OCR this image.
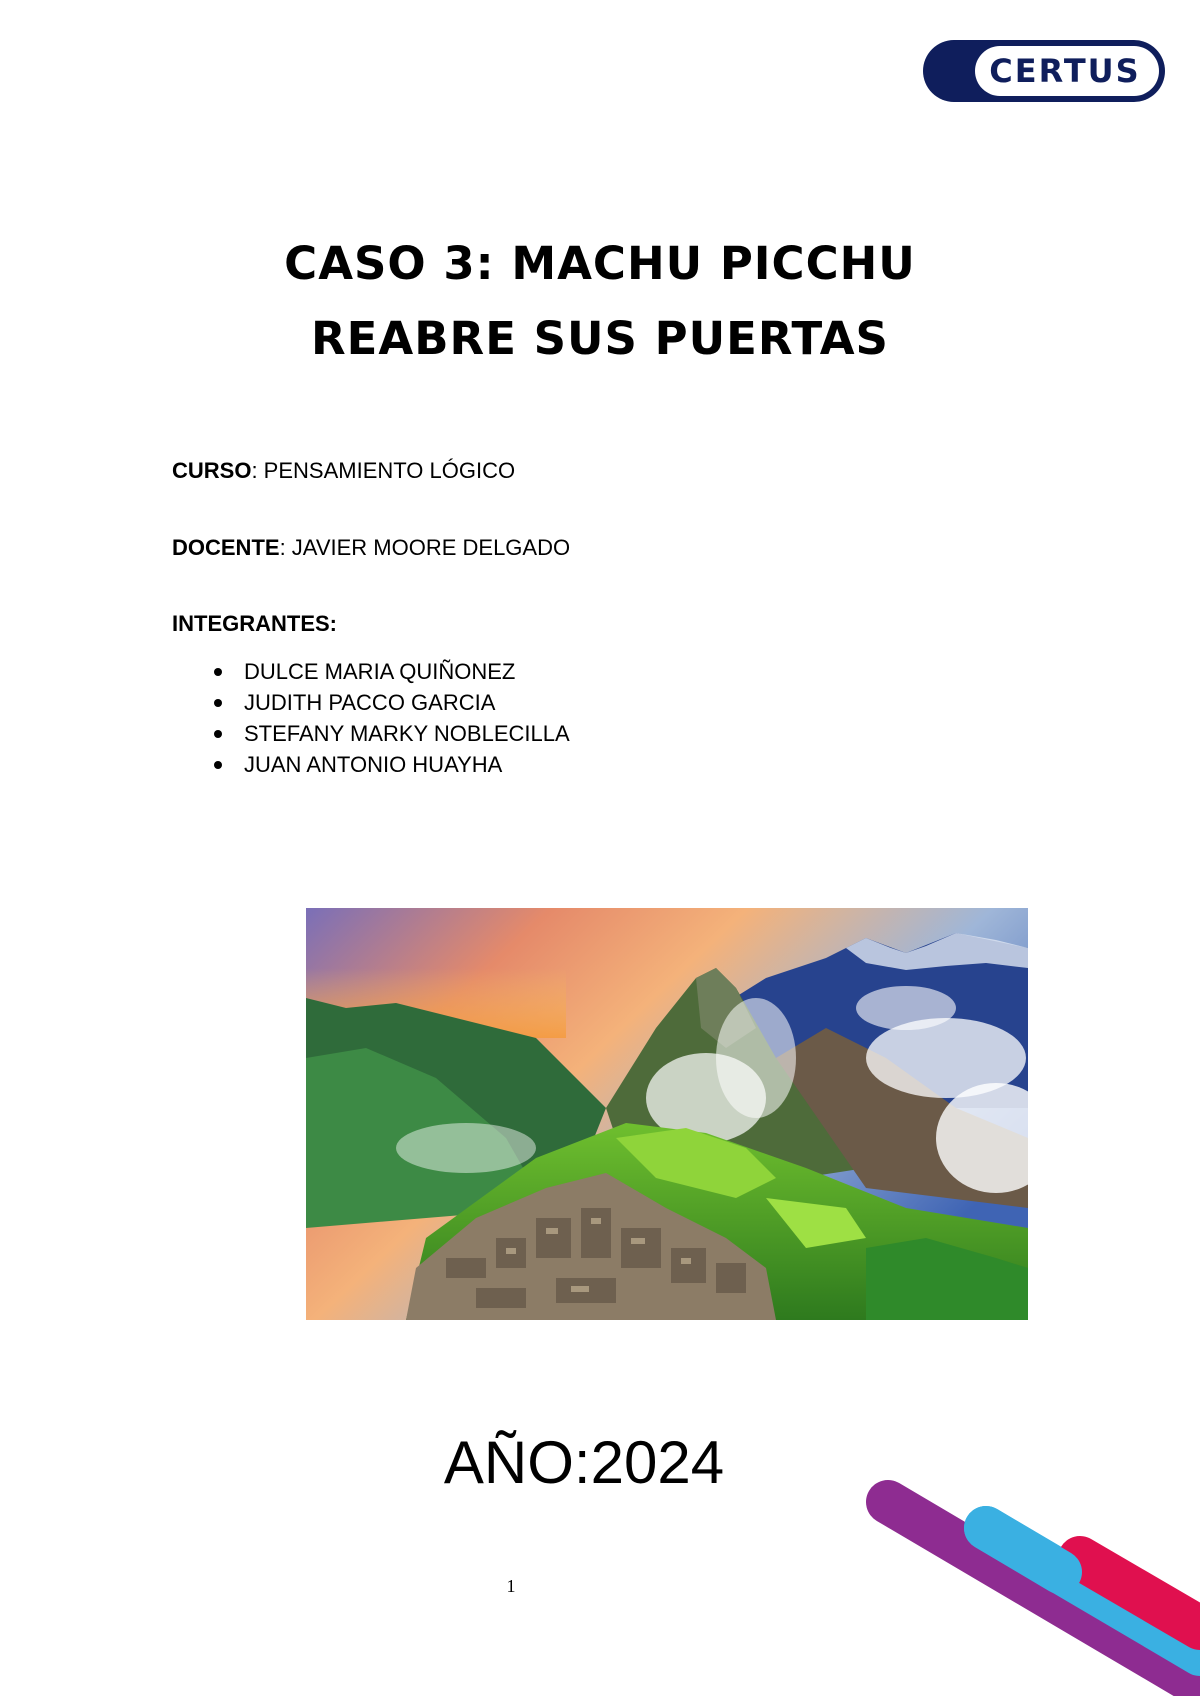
CERTUS
CASO 3: MACHU PICCHU
REABRE SUS PUERTAS
CURSO: PENSAMIENTO LÓGICO
DOCENTE: JAVIER MOORE DELGADO
INTEGRANTES:
DULCE MARIA QUIÑONEZ
JUDITH PACCO GARCIA
STEFANY MARKY NOBLECILLA
JUAN ANTONIO HUAYHA
AÑO:2024
1
